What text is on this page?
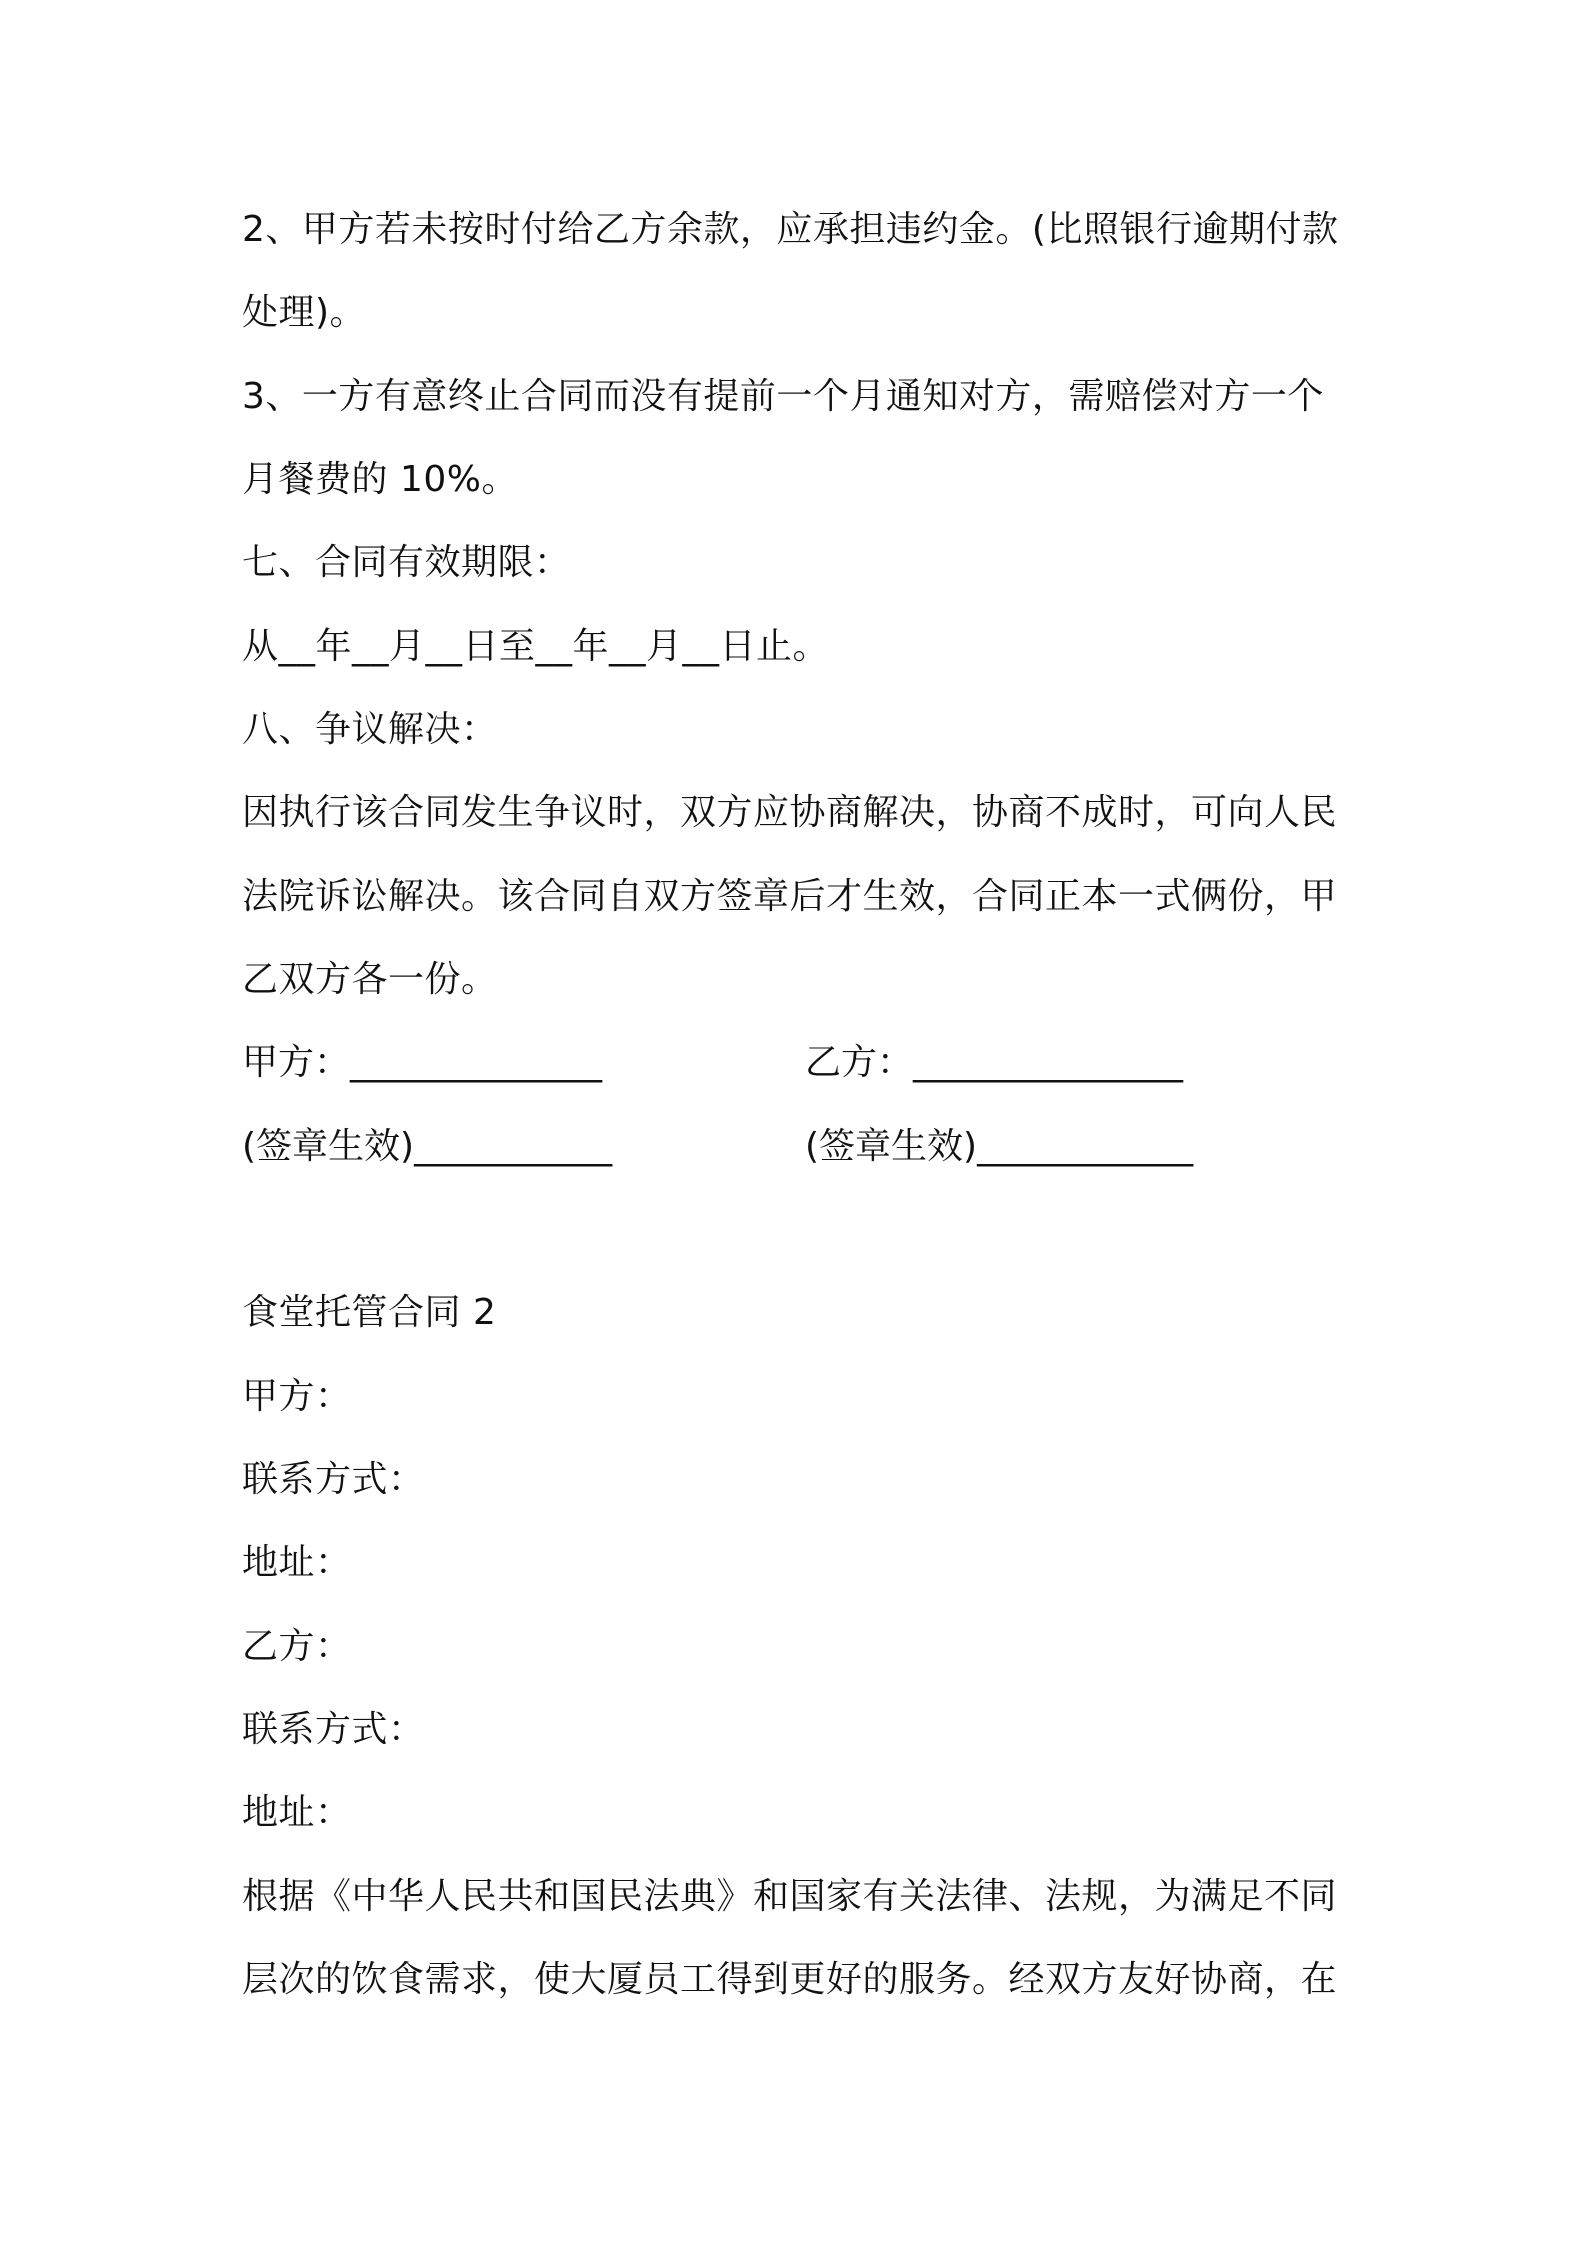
2、甲方若未按时付给乙方余款，应承担违约金。(比照银行逾期付款
处理)。
3、一方有意终止合同而没有提前一个月通知对方，需赔偿对方一个
月餐费的 10%。
七、合同有效期限：
从__年__月__日至__年__月__日止。
八、争议解决：
因执行该合同发生争议时，双方应协商解决，协商不成时，可向人民
法院诉讼解决。该合同自双方签章后才生效，合同正本一式俩份，甲
乙双方各一份。
甲方：______________	乙方：_______________
(签章生效)___________	(签章生效)____________
食堂托管合同 2
甲方：
联系方式：
地址：
乙方：
联系方式：
地址：
根据《中华人民共和国民法典》和国家有关法律、法规，为满足不同
层次的饮食需求，使大厦员工得到更好的服务。经双方友好协商，在
